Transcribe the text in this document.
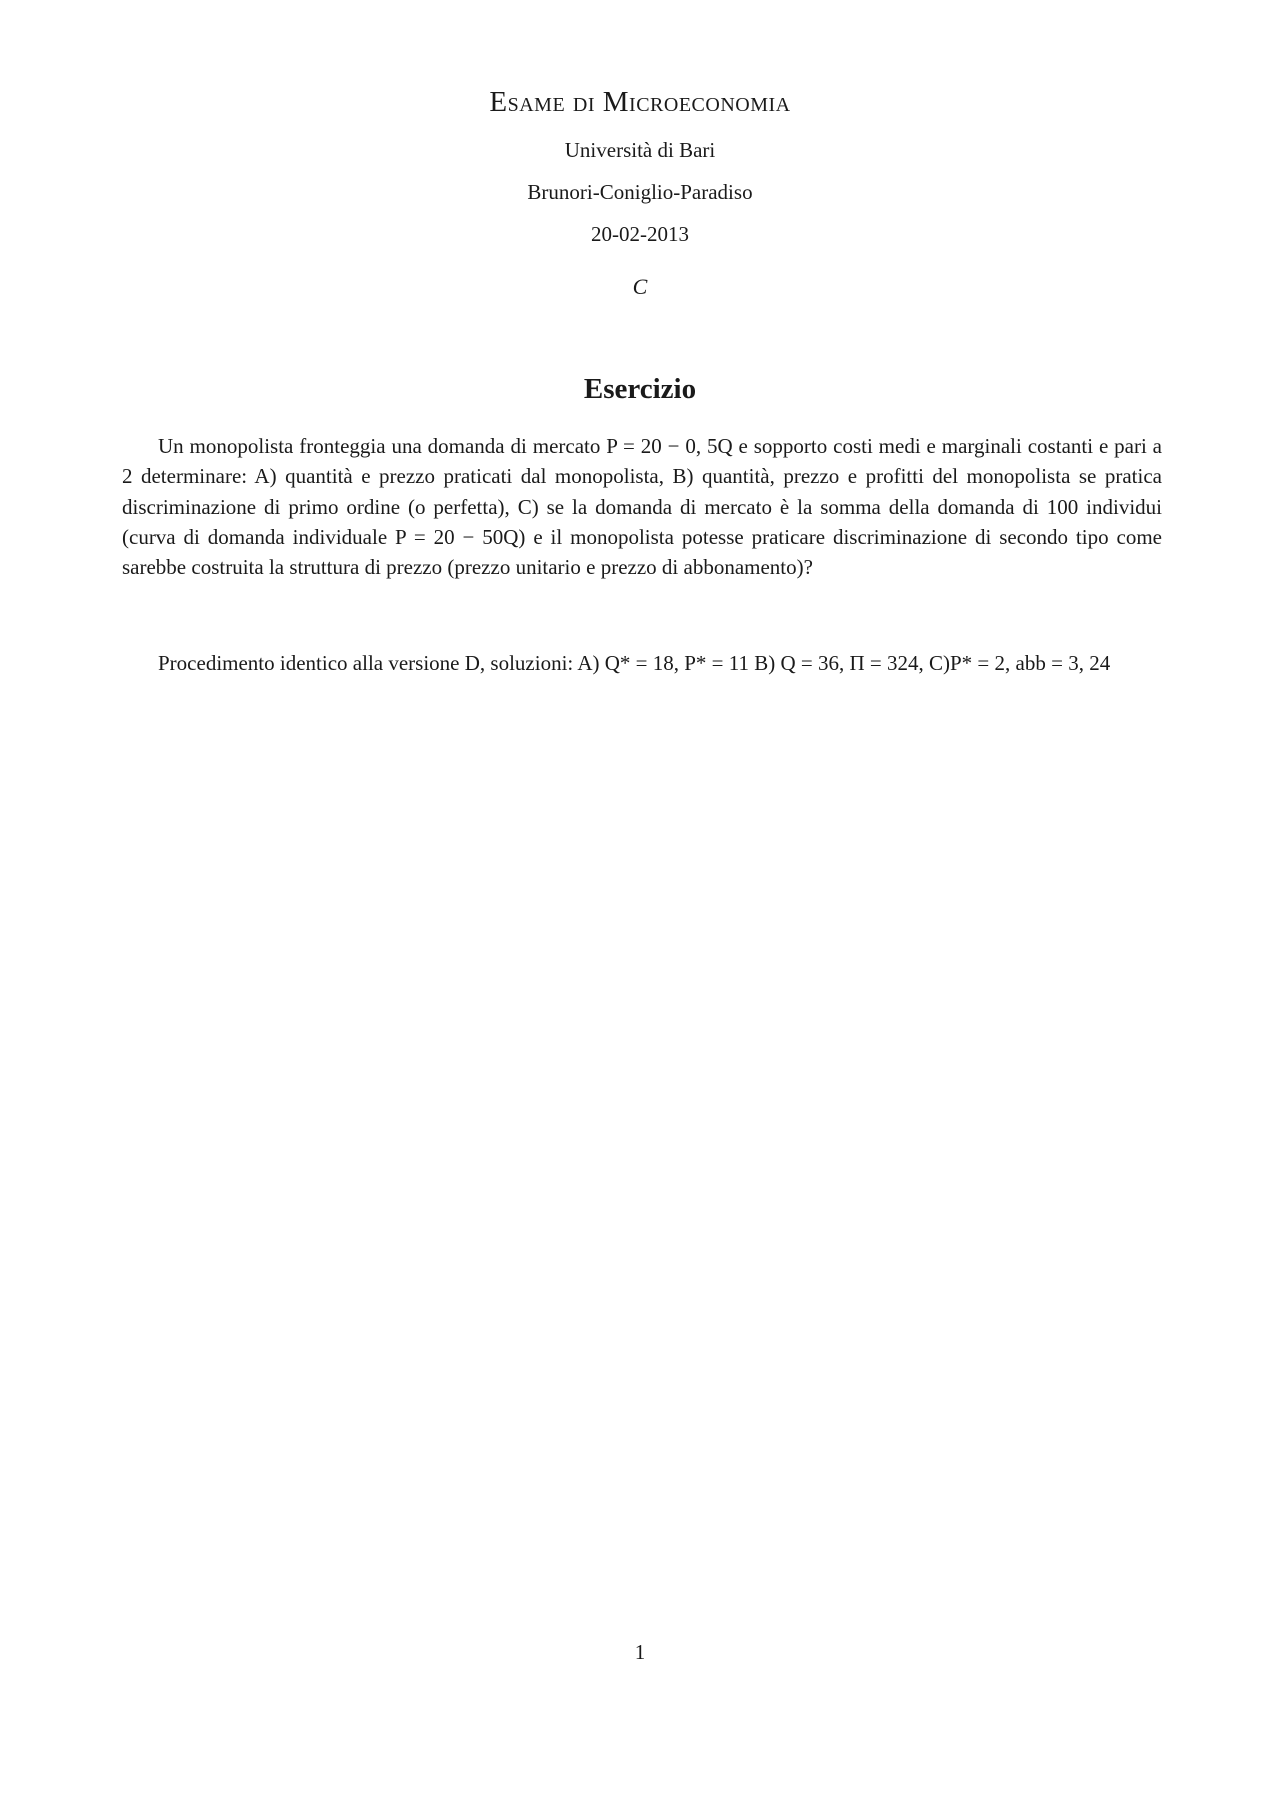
Esame di Microeconomia
Università di Bari
Brunori-Coniglio-Paradiso
20-02-2013
C
Esercizio

Un monopolista fronteggia una domanda di mercato P = 20 − 0, 5Q e sopporto costi medi e marginali costanti e pari a 2 determinare: A) quantità e prezzo praticati dal monopolista, B) quantità, prezzo e profitti del monopolista se pratica discriminazione di primo ordine (o perfetta), C) se la domanda di mercato è la somma della domanda di 100 individui (curva di domanda individuale P = 20 − 50Q) e il monopolista potesse praticare discriminazione di secondo tipo come sarebbe costruita la struttura di prezzo (prezzo unitario e prezzo di abbonamento)?

Procedimento identico alla versione D, soluzioni: A) Q* = 18, P* = 11 B) Q = 36, Π = 324, C)P* = 2, abb = 3, 24

1
